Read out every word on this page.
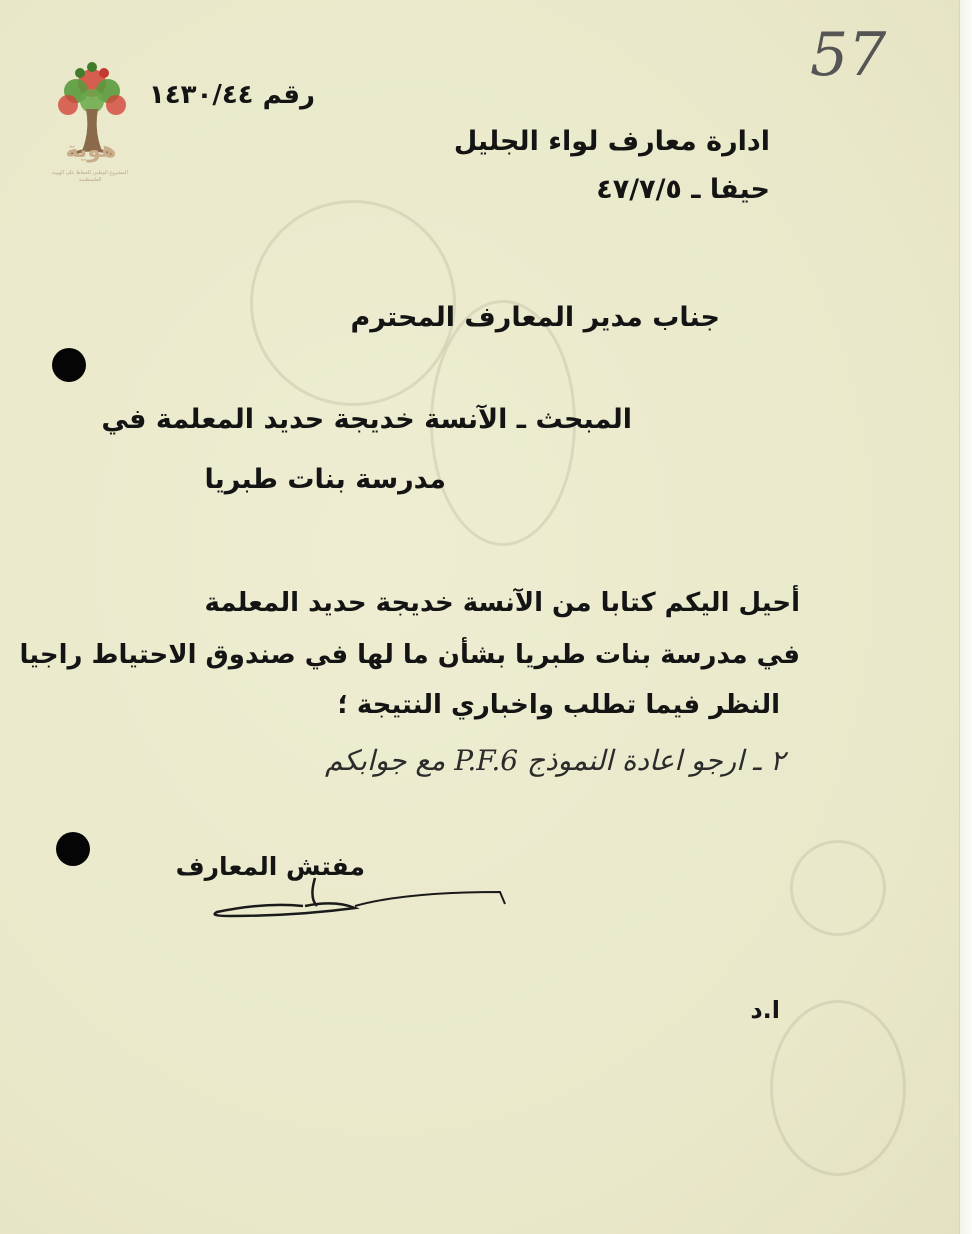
هوية
المشروع الوطني للحفاظ على الهوية الفلسطينية
57
رقم ١٤٣٠/٤٤
ادارة معارف لواء الجليل
حيفا ـ ٤٧/٧/٥
جناب مدير المعارف المحترم
المبحث ـ الآنسة خديجة حديد المعلمة في
مدرسة بنات طبريا
أحيل اليكم كتابا من الآنسة خديجة حديد المعلمة
في مدرسة بنات طبريا بشأن ما لها في صندوق الاحتياط راجيا
النظر فيما تطلب واخباري النتيجة ؛
٢ ـ ارجو اعادة النموذج P.F.6 مع جوابكم
مفتش المعارف
ا.د
